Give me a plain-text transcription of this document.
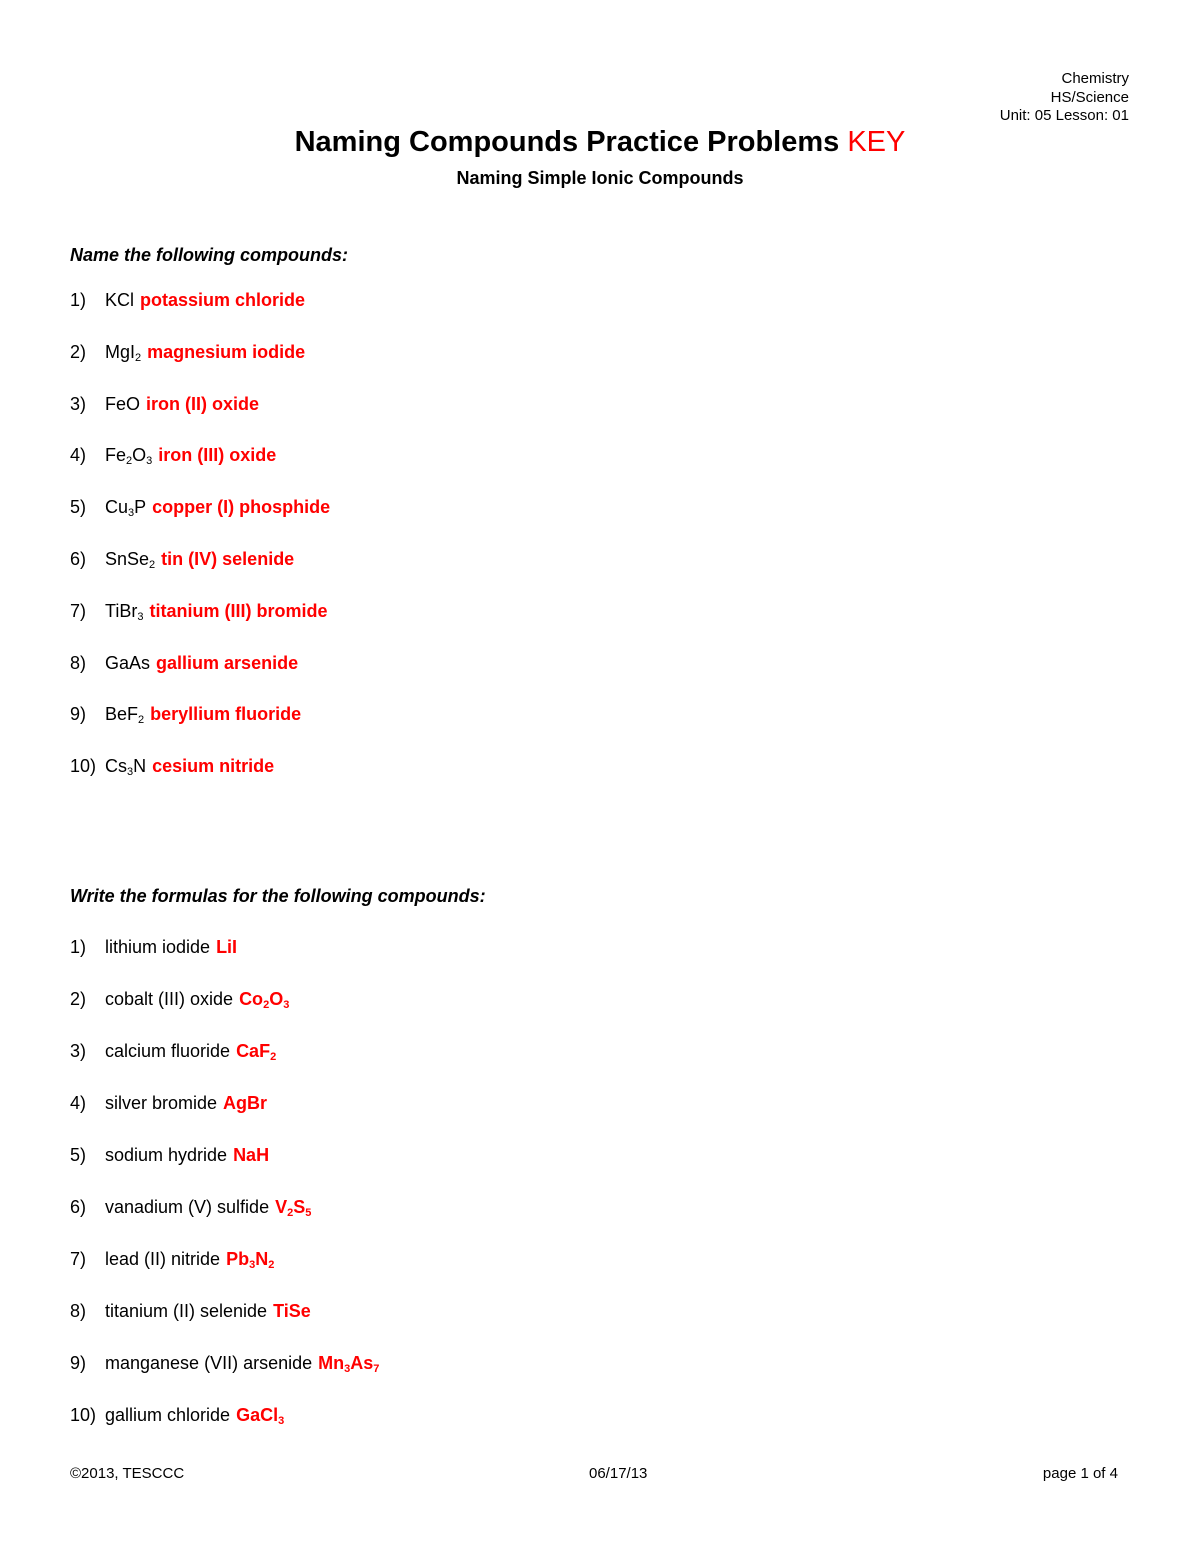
Chemistry
HS/Science
Unit: 05 Lesson: 01
Naming Compounds Practice Problems KEY
Naming Simple Ionic Compounds
Name the following compounds:
1) KCl potassium chloride
2) MgI$_2$ magnesium iodide
3) FeO iron (II) oxide
4) $Fe_2O_3$ iron (III) oxide
5) $Cu_3P$ copper (I) phosphide
6) SnSe$_2$ tin (IV) selenide
7) TiBr$_3$ titanium (III) bromide
8) GaAs gallium arsenide
9) BeF$_2$ beryllium fluoride
10) $Cs_3N$ cesium nitride
Write the formulas for the following compounds:
1) lithium iodide LiI
2) cobalt (III) oxide $Co_2O_3$
3) calcium fluoride CaF$_2$
4) silver bromide AgBr
5) sodium hydride NaH
6) vanadium (V) sulfide $V_2S_5$
7) lead (II) nitride $Pb_3N_2$
8) titanium (II) selenide TiSe
9) manganese (VII) arsenide $Mn_3As_7$
10) gallium chloride GaCl$_3$
©2013, TESCCC	06/17/13	page 1 of 4
